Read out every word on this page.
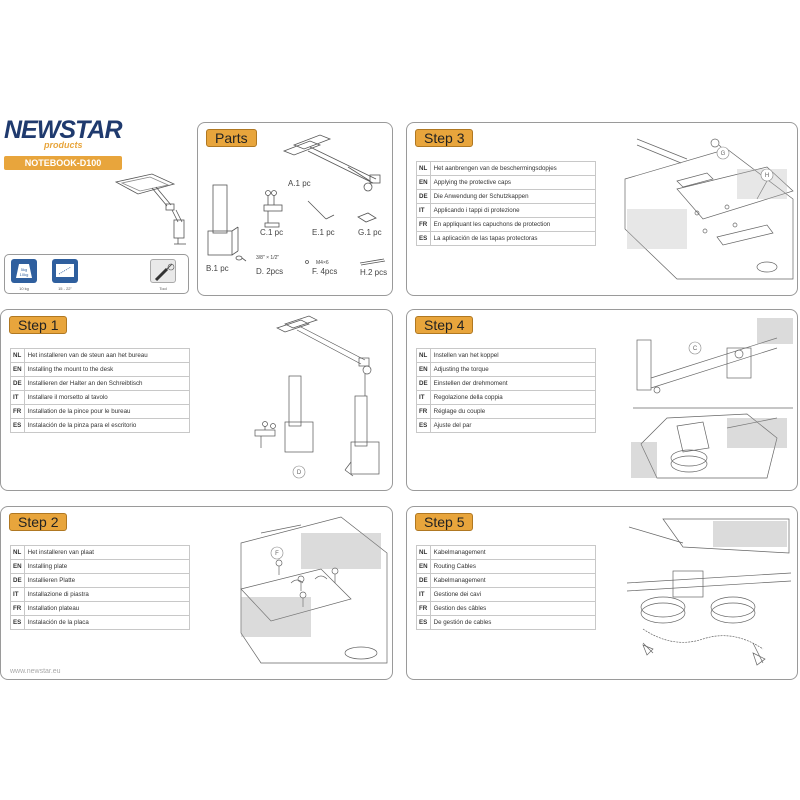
NEWSTAR
products
NOTEBOOK-D100
5kg
10kg
10 kg	15 - 22"	Tool
Parts
A.1 pc
B.1 pc
C.1 pc
3/8" × 1/2"
D. 2pcs
E.1 pc
M4×6
F. 4pcs
G.1 pc
H.2 pcs
Step 3
NL	Het aanbrengen van de beschermingsdopjes
EN	Applying the protective caps
DE	Die Anwendung der Schutzkappen
IT	Applicando i tappi di protezione
FR	En appliquant les capuchons de protection
ES	La aplicación de las tapas protectoras
G
H
Step 1
NL	Het installeren van de steun aan het bureau
EN	Installing the mount to the desk
DE	Installieren der Halter an den Schreibtisch
IT	Installare il morsetto al tavolo
FR	Installation de la pince pour le bureau
ES	Instalación de la pinza para el escritorio
D
Step 4
NL	Instellen van het koppel
EN	Adjusting the torque
DE	Einstellen der drehmoment
IT	Regolazione della coppia
FR	Réglage du couple
ES	Ajuste del par
C
Step 2
NL	Het installeren van plaat
EN	Installing plate
DE	Installieren Platte
IT	Installazione di piastra
FR	Installation plateau
ES	Instalación de la placa
F
Step 5
NL	Kabelmanagement
EN	Routing Cables
DE	Kabelmanagement
IT	Gestione dei cavi
FR	Gestion des câbles
ES	De gestión de cables
www.newstar.eu
